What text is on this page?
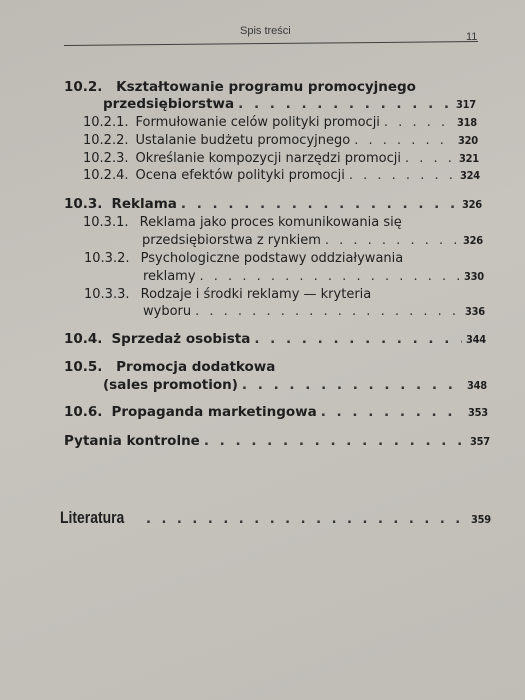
Spis treści	11
10.2. Kształtowanie programu promocyjnego
przedsiębiorstwa . . .	317
10.2.1. Formułowanie celów polityki promocji . . .	318
10.2.2. Ustalanie budżetu promocyjnego . . .	320
10.2.3. Określanie kompozycji narzędzi promocji . . .	321
10.2.4. Ocena efektów polityki promocji . . .	324
10.3. Reklama . . .	326
10.3.1. Reklama jako proces komunikowania się
przedsiębiorstwa z rynkiem . . .	326
10.3.2. Psychologiczne podstawy oddziaływania
reklamy . . .	330
10.3.3. Rodzaje i środki reklamy — kryteria
wyboru . . .	336
10.4. Sprzedaż osobista . . .	344
10.5. Promocja dodatkowa
(sales promotion) . . .	348
10.6. Propaganda marketingowa . . .	353
Pytania kontrolne . . .	357
Literatura . . .	359
